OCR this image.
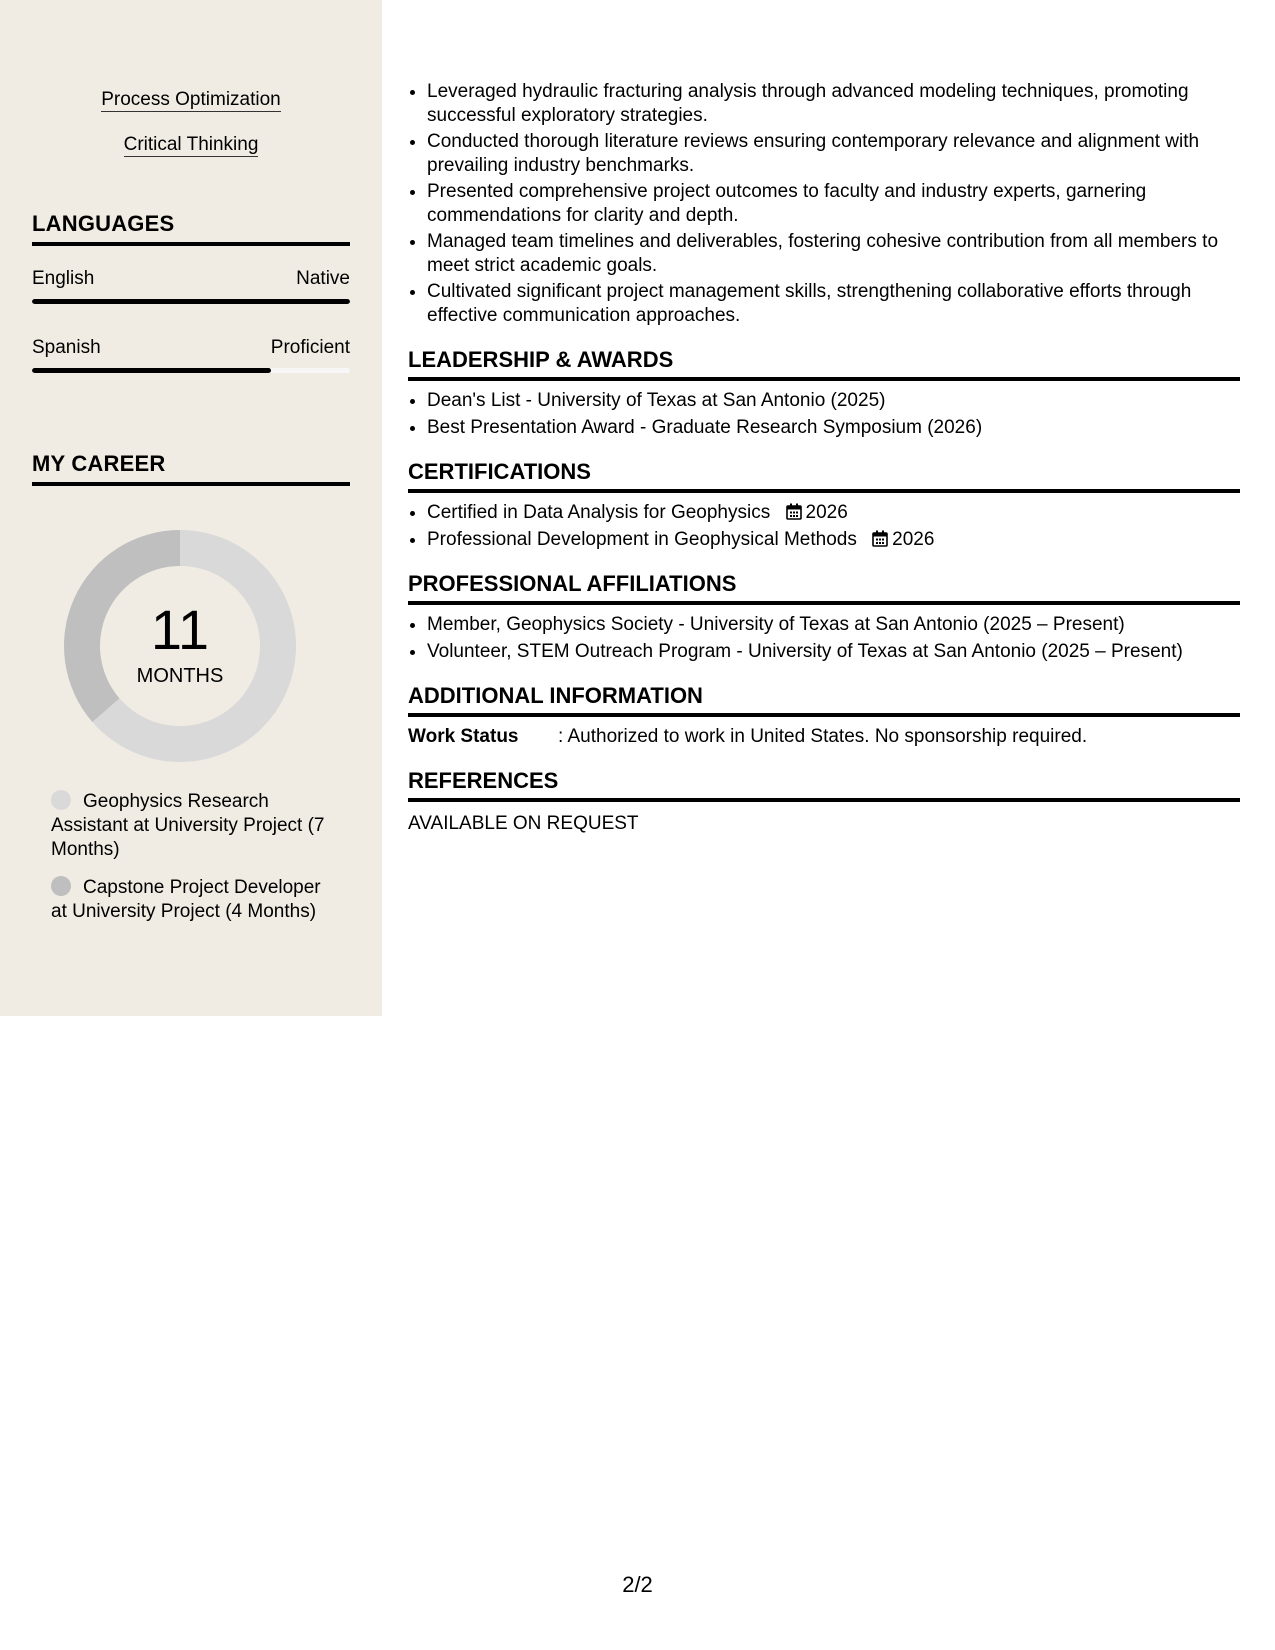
Process Optimization
Critical Thinking
LANGUAGES
English	Native
Spanish	Proficient
MY CAREER
11
MONTHS
Geophysics Research Assistant at University Project (7 Months)
Capstone Project Developer at University Project (4 Months)
• Leveraged hydraulic fracturing analysis through advanced modeling techniques, promoting successful exploratory strategies.
• Conducted thorough literature reviews ensuring contemporary relevance and alignment with prevailing industry benchmarks.
• Presented comprehensive project outcomes to faculty and industry experts, garnering commendations for clarity and depth.
• Managed team timelines and deliverables, fostering cohesive contribution from all members to meet strict academic goals.
• Cultivated significant project management skills, strengthening collaborative efforts through effective communication approaches.
LEADERSHIP & AWARDS
• Dean's List - University of Texas at San Antonio (2025)
• Best Presentation Award - Graduate Research Symposium (2026)
CERTIFICATIONS
• Certified in Data Analysis for Geophysics 2026
• Professional Development in Geophysical Methods 2026
PROFESSIONAL AFFILIATIONS
• Member, Geophysics Society - University of Texas at San Antonio (2025 – Present)
• Volunteer, STEM Outreach Program - University of Texas at San Antonio (2025 – Present)
ADDITIONAL INFORMATION
Work Status	: Authorized to work in United States. No sponsorship required.
REFERENCES
AVAILABLE ON REQUEST
2/2
